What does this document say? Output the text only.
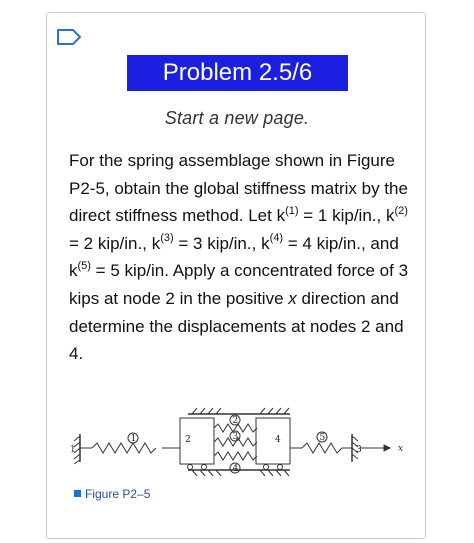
Problem 2.5/6
Start a new page.
For the spring assemblage shown in Figure P2-5, obtain the global stiffness matrix by the direct stiffness method. Let $k^{(1)} = 1$ kip/in., $k^{(2)} = 2$ kip/in., $k^{(3)} = 3$ kip/in., $k^{(4)} = 4$ kip/in., and $k^{(5)} = 5$ kip/in. Apply a concentrated force of 3 kips at node 2 in the positive x direction and determine the displacements at nodes 2 and 4.
1
2	4
3
1
2
3
4
5
x
Figure P2–5
